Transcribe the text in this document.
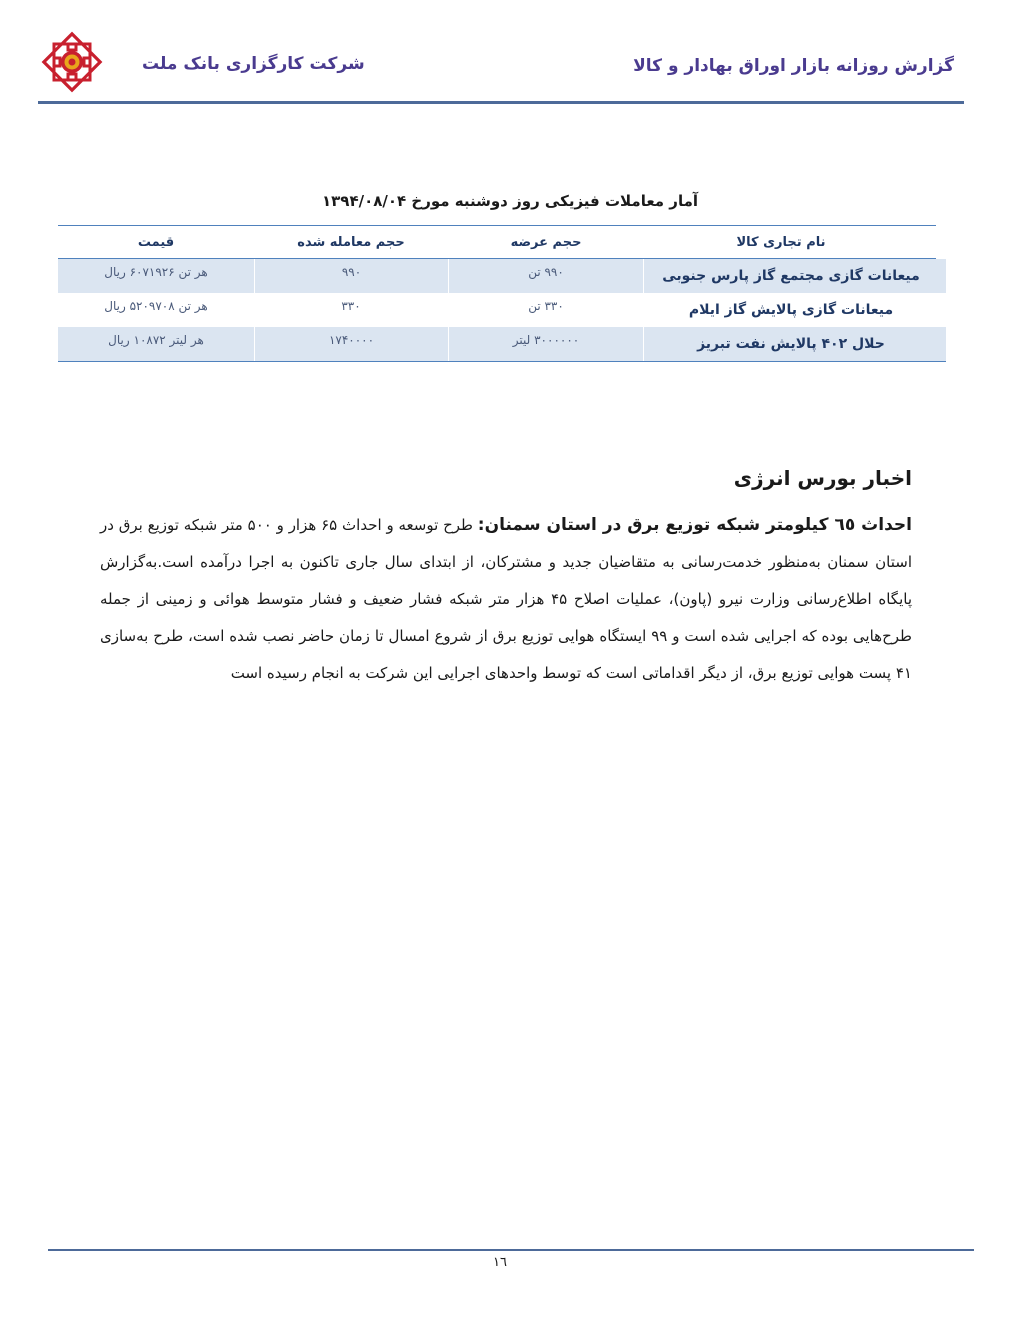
شرکت کارگزاری بانک ملت	گزارش روزانه بازار اوراق بهادار و کالا
آمار معاملات فیزیکی روز دوشنبه مورخ ۱۳۹۴/۰۸/۰۴
نام تجاری کالا
حجم عرضه
حجم معامله شده
قیمت
میعانات گازی مجتمع گاز پارس جنوبی
۹۹۰ تن
۹۹۰
هر تن ۶۰۷۱۹۲۶ ریال
میعانات گازی پالایش گاز ایلام
۳۳۰ تن
۳۳۰
هر تن ۵۲۰۹۷۰۸ ریال
حلال ۴۰۲ پالایش نفت تبریز
۳۰۰۰۰۰۰ لیتر
۱۷۴۰۰۰۰
هر لیتر ۱۰۸۷۲ ریال
اخبار بورس انرژی
احداث ٦٥ کیلومتر شبکه توزیع برق در استان سمنان: طرح توسعه و احداث ۶۵ هزار و ۵۰۰ متر شبکه توزیع برق در استان سمنان به‌منظور خدمت‌رسانی به متقاضیان جدید و مشترکان، از ابتدای سال جاری تاکنون به اجرا درآمده است.به‌گزارش پایگاه اطلاع‌رسانی وزارت نیرو (پاون)، عملیات اصلاح ۴۵ هزار متر شبکه فشار ضعیف و فشار متوسط هوائی و زمینی از جمله طرح‌هایی بوده که اجرایی شده است و ۹۹ ایستگاه هوایی توزیع برق از شروع امسال تا زمان حاضر نصب شده است، طرح به‌سازی ۴۱ پست هوایی توزیع برق، از دیگر اقداماتی است که توسط واحدهای اجرایی این شرکت به انجام رسیده است
١٦
